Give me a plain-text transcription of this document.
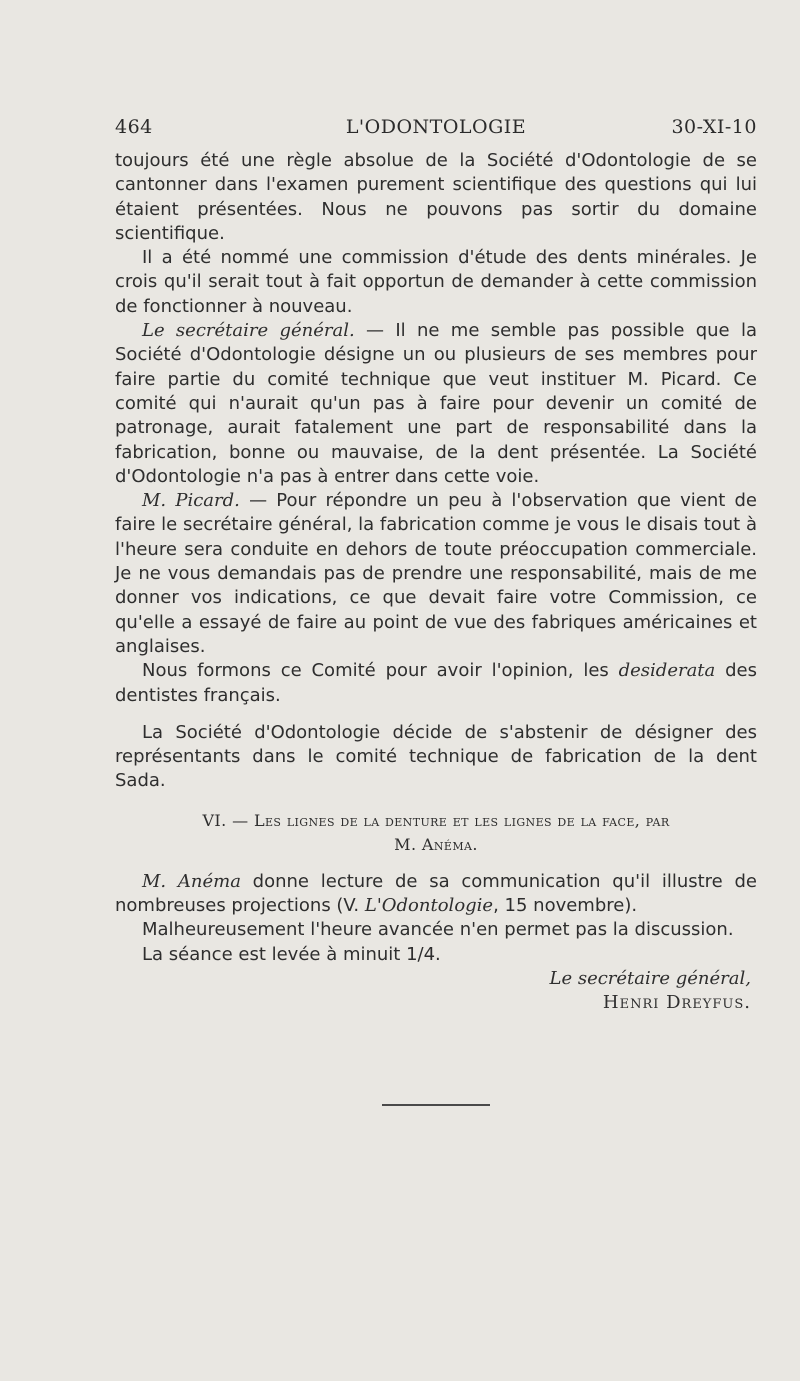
464	L'ODONTOLOGIE	30-XI-10

toujours été une règle absolue de la Société d'Odontologie de se cantonner dans l'examen purement scientifique des questions qui lui étaient présentées. Nous ne pouvons pas sortir du domaine scientifique.

Il a été nommé une commission d'étude des dents minérales. Je crois qu'il serait tout à fait opportun de demander à cette commission de fonctionner à nouveau.

Le secrétaire général. — Il ne me semble pas possible que la Société d'Odontologie désigne un ou plusieurs de ses membres pour faire partie du comité technique que veut instituer M. Picard. Ce comité qui n'aurait qu'un pas à faire pour devenir un comité de patronage, aurait fatalement une part de responsabilité dans la fabrication, bonne ou mauvaise, de la dent présentée. La Société d'Odontologie n'a pas à entrer dans cette voie.

M. Picard. — Pour répondre un peu à l'observation que vient de faire le secrétaire général, la fabrication comme je vous le disais tout à l'heure sera conduite en dehors de toute préoccupation commerciale. Je ne vous demandais pas de prendre une responsabilité, mais de me donner vos indications, ce que devait faire votre Commission, ce qu'elle a essayé de faire au point de vue des fabriques américaines et anglaises.

Nous formons ce Comité pour avoir l'opinion, les desiderata des dentistes français.

La Société d'Odontologie décide de s'abstenir de désigner des représentants dans le comité technique de fabrication de la dent Sada.

VI. — Les lignes de la denture et les lignes de la face, par
M. Anéma.

M. Anéma donne lecture de sa communication qu'il illustre de nombreuses projections (V. L'Odontologie, 15 novembre).

Malheureusement l'heure avancée n'en permet pas la discussion.

La séance est levée à minuit 1/4.

Le secrétaire général,
Henri Dreyfus.
